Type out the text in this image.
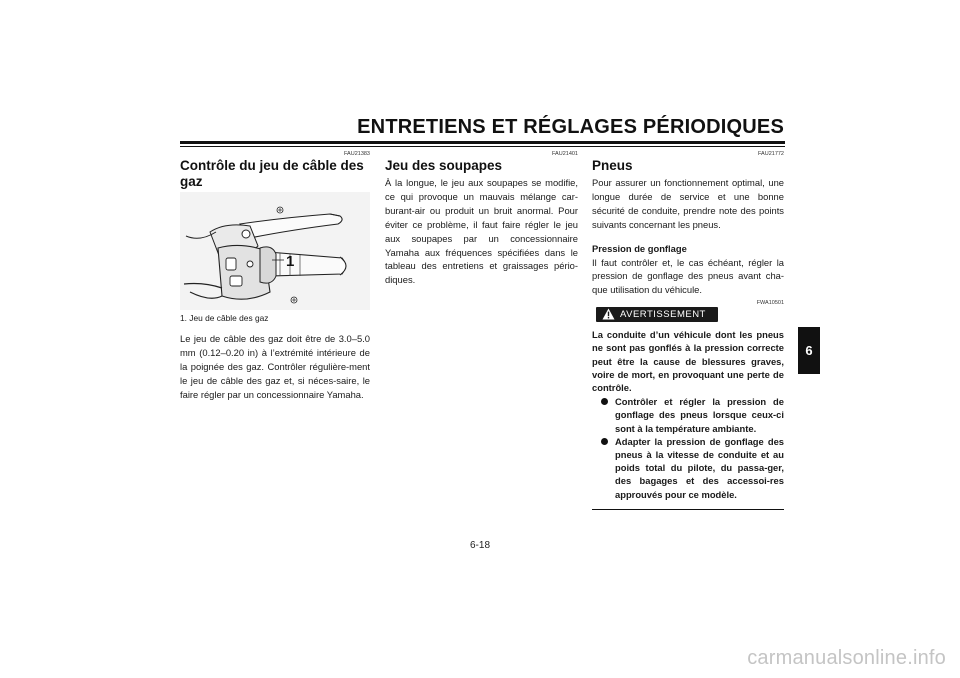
ENTRETIENS ET RÉGLAGES PÉRIODIQUES
FAU21383
Contrôle du jeu de câble des gaz
1
1. Jeu de câble des gaz

Le jeu de câble des gaz doit être de 3.0–5.0 mm (0.12–0.20 in) à l’extrémité intérieure de la poignée des gaz. Contrôler régulière-ment le jeu de câble des gaz et, si néces-saire, le faire régler par un concessionnaire Yamaha.

FAU21401
Jeu des soupapes

À la longue, le jeu aux soupapes se modifie, ce qui provoque un mauvais mélange car-burant-air ou produit un bruit anormal. Pour éviter ce problème, il faut faire régler le jeu aux soupapes par un concessionnaire Yamaha aux fréquences spécifiées dans le tableau des entretiens et graissages pério-diques.

FAU21772
Pneus

Pour assurer un fonctionnement optimal, une longue durée de service et une bonne sécurité de conduite, prendre note des points suivants concernant les pneus.

Pression de gonflage

Il faut contrôler et, le cas échéant, régler la pression de gonflage des pneus avant cha-que utilisation du véhicule.

FWA10501
AVERTISSEMENT

La conduite d’un véhicule dont les pneus ne sont pas gonflés à la pression correcte peut être la cause de blessures graves, voire de mort, en provoquant une perte de contrôle.

Contrôler et régler la pression de gonflage des pneus lorsque ceux-ci sont à la température ambiante.
Adapter la pression de gonflage des pneus à la vitesse de conduite et au poids total du pilote, du passa-ger, des bagages et des accessoi-res approuvés pour ce modèle.
6
6-18
carmanualsonline.info
